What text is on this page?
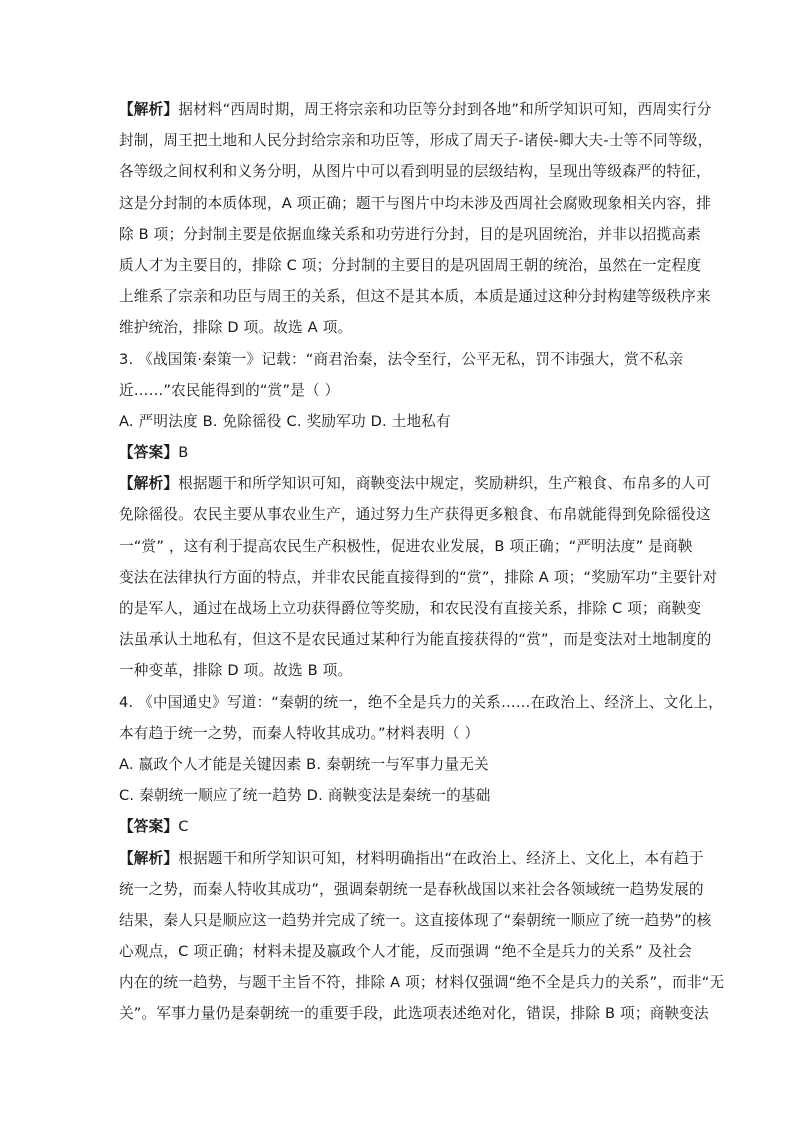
【解析】据材料“西周时期，周王将宗亲和功臣等分封到各地”和所学知识可知，西周实行分
封制，周王把土地和人民分封给宗亲和功臣等，形成了周天子-诸侯-卿大夫-士等不同等级，
各等级之间权利和义务分明，从图片中可以看到明显的层级结构，呈现出等级森严的特征，
这是分封制的本质体现，A 项正确；题干与图片中均未涉及西周社会腐败现象相关内容，排
除 B 项；分封制主要是依据血缘关系和功劳进行分封，目的是巩固统治，并非以招揽高素
质人才为主要目的，排除 C 项；分封制的主要目的是巩固周王朝的统治，虽然在一定程度
上维系了宗亲和功臣与周王的关系，但这不是其本质，本质是通过这种分封构建等级秩序来
维护统治，排除 D 项。故选 A 项。
3. 《战国策·秦策一》记载：“商君治秦，法令至行，公平无私，罚不讳强大，赏不私亲
近……”农民能得到的“赏”是（ ）
A. 严明法度 B. 免除徭役 C. 奖励军功 D. 土地私有
【答案】B
【解析】根据题干和所学知识可知，商鞅变法中规定，奖励耕织，生产粮食、布帛多的人可
免除徭役。农民主要从事农业生产，通过努力生产获得更多粮食、布帛就能得到免除徭役这
一“赏” ，这有利于提高农民生产积极性，促进农业发展，B 项正确；“严明法度” 是商鞅
变法在法律执行方面的特点，并非农民能直接得到的“赏”，排除 A 项；“奖励军功”主要针对
的是军人，通过在战场上立功获得爵位等奖励，和农民没有直接关系，排除 C 项；商鞅变
法虽承认土地私有，但这不是农民通过某种行为能直接获得的“赏”，而是变法对土地制度的
一种变革，排除 D 项。故选 B 项。
4. 《中国通史》写道：“秦朝的统一，绝不全是兵力的关系……在政治上、经济上、文化上，
本有趋于统一之势，而秦人特收其成功。”材料表明（ ）
A. 嬴政个人才能是关键因素 B. 秦朝统一与军事力量无关
C. 秦朝统一顺应了统一趋势 D. 商鞅变法是秦统一的基础
【答案】C
【解析】根据题干和所学知识可知，材料明确指出“在政治上、经济上、文化上，本有趋于
统一之势，而秦人特收其成功”，强调秦朝统一是春秋战国以来社会各领域统一趋势发展的
结果，秦人只是顺应这一趋势并完成了统一。这直接体现了“秦朝统一顺应了统一趋势”的核
心观点，C 项正确；材料未提及嬴政个人才能，反而强调 “绝不全是兵力的关系” 及社会
内在的统一趋势，与题干主旨不符，排除 A 项；材料仅强调“绝不全是兵力的关系”，而非“无
关”。军事力量仍是秦朝统一的重要手段，此选项表述绝对化，错误，排除 B 项；商鞅变法
